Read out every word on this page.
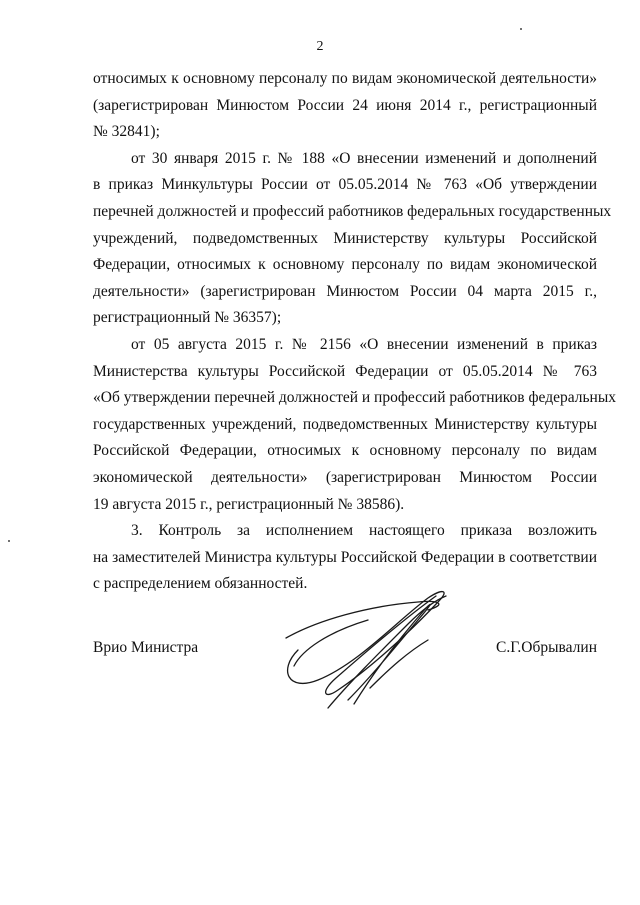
2

относимых к основному персоналу по видам экономической деятельности»
(зарегистрирован Минюстом России 24 июня 2014 г., регистрационный
№ 32841);

от 30 января 2015 г. № 188 «О внесении изменений и дополнений
в приказ Минкультуры России от 05.05.2014 № 763 «Об утверждении
перечней должностей и профессий работников федеральных государственных
учреждений, подведомственных Министерству культуры Российской
Федерации, относимых к основному персоналу по видам экономической
деятельности» (зарегистрирован Минюстом России 04 марта 2015 г.,
регистрационный № 36357);

от 05 августа 2015 г. № 2156 «О внесении изменений в приказ
Министерства культуры Российской Федерации от 05.05.2014 № 763
«Об утверждении перечней должностей и профессий работников федеральных
государственных учреждений, подведомственных Министерству культуры
Российской Федерации, относимых к основному персоналу по видам
экономической деятельности» (зарегистрирован Минюстом России
19 августа 2015 г., регистрационный № 38586).

3. Контроль за исполнением настоящего приказа возложить
на заместителей Министра культуры Российской Федерации в соответствии
с распределением обязанностей.

Врио Министра	С.Г.Обрывалин
